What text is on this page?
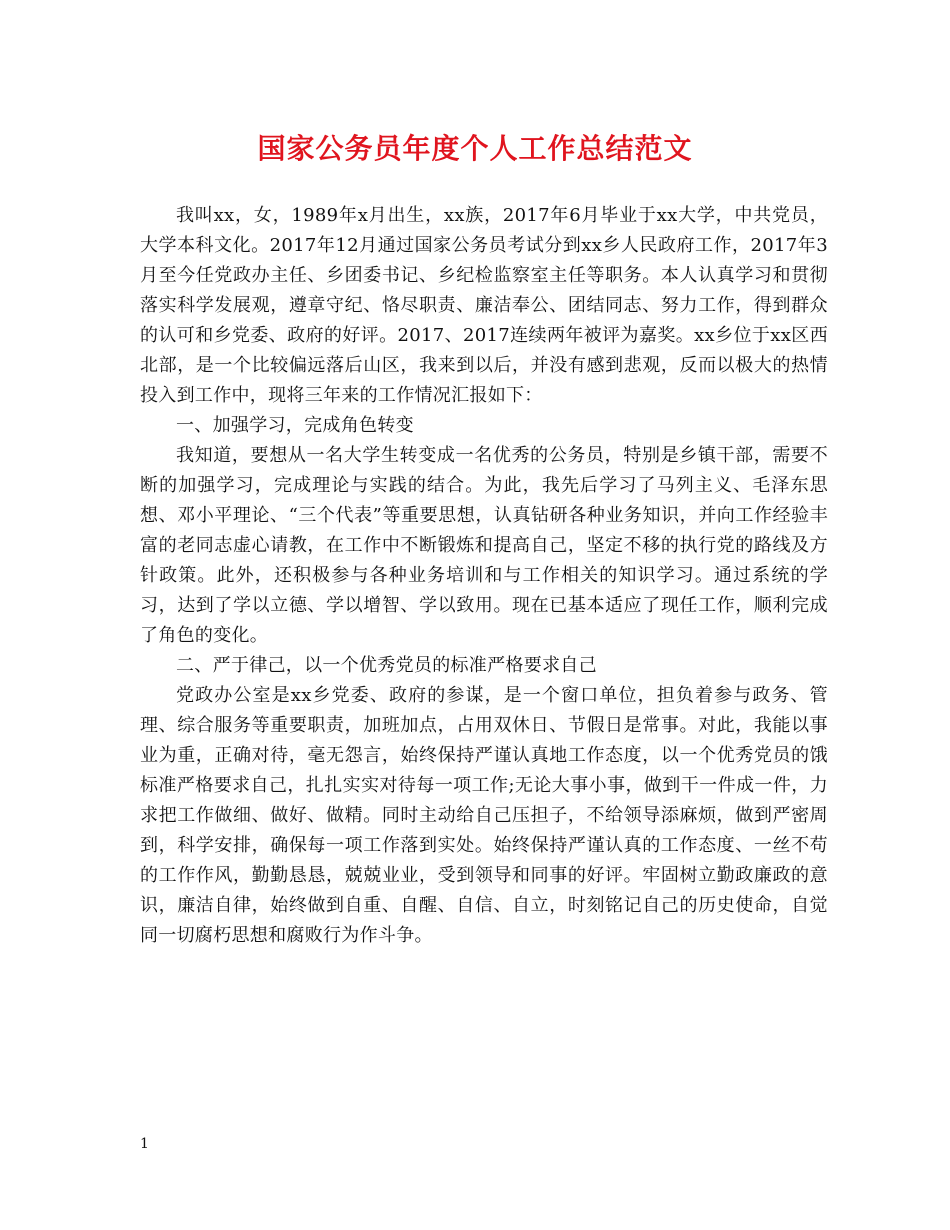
国家公务员年度个人工作总结范文

我叫xx，女，1989年x月出生，xx族，2017年6月毕业于xx大学，中共党员，大学本科文化。2017年12月通过国家公务员考试分到xx乡人民政府工作，2017年3月至今任党政办主任、乡团委书记、乡纪检监察室主任等职务。本人认真学习和贯彻落实科学发展观，遵章守纪、恪尽职责、廉洁奉公、团结同志、努力工作，得到群众的认可和乡党委、政府的好评。2017、2017连续两年被评为嘉奖。xx乡位于xx区西北部，是一个比较偏远落后山区，我来到以后，并没有感到悲观，反而以极大的热情投入到工作中，现将三年来的工作情况汇报如下：

一、加强学习，完成角色转变

我知道，要想从一名大学生转变成一名优秀的公务员，特别是乡镇干部，需要不断的加强学习，完成理论与实践的结合。为此，我先后学习了马列主义、毛泽东思想、邓小平理论、“三个代表”等重要思想，认真钻研各种业务知识，并向工作经验丰富的老同志虚心请教，在工作中不断锻炼和提高自己，坚定不移的执行党的路线及方针政策。此外，还积极参与各种业务培训和与工作相关的知识学习。通过系统的学习，达到了学以立德、学以增智、学以致用。现在已基本适应了现任工作，顺利完成了角色的变化。

二、严于律己，以一个优秀党员的标准严格要求自己

党政办公室是xx乡党委、政府的参谋，是一个窗口单位，担负着参与政务、管理、综合服务等重要职责，加班加点，占用双休日、节假日是常事。对此，我能以事业为重，正确对待，毫无怨言，始终保持严谨认真地工作态度，以一个优秀党员的饿标准严格要求自己，扎扎实实对待每一项工作;无论大事小事，做到干一件成一件，力求把工作做细、做好、做精。同时主动给自己压担子，不给领导添麻烦，做到严密周到，科学安排，确保每一项工作落到实处。始终保持严谨认真的工作态度、一丝不苟的工作作风，勤勤恳恳，兢兢业业，受到领导和同事的好评。牢固树立勤政廉政的意识，廉洁自律，始终做到自重、自醒、自信、自立，时刻铭记自己的历史使命，自觉同一切腐朽思想和腐败行为作斗争。

1
